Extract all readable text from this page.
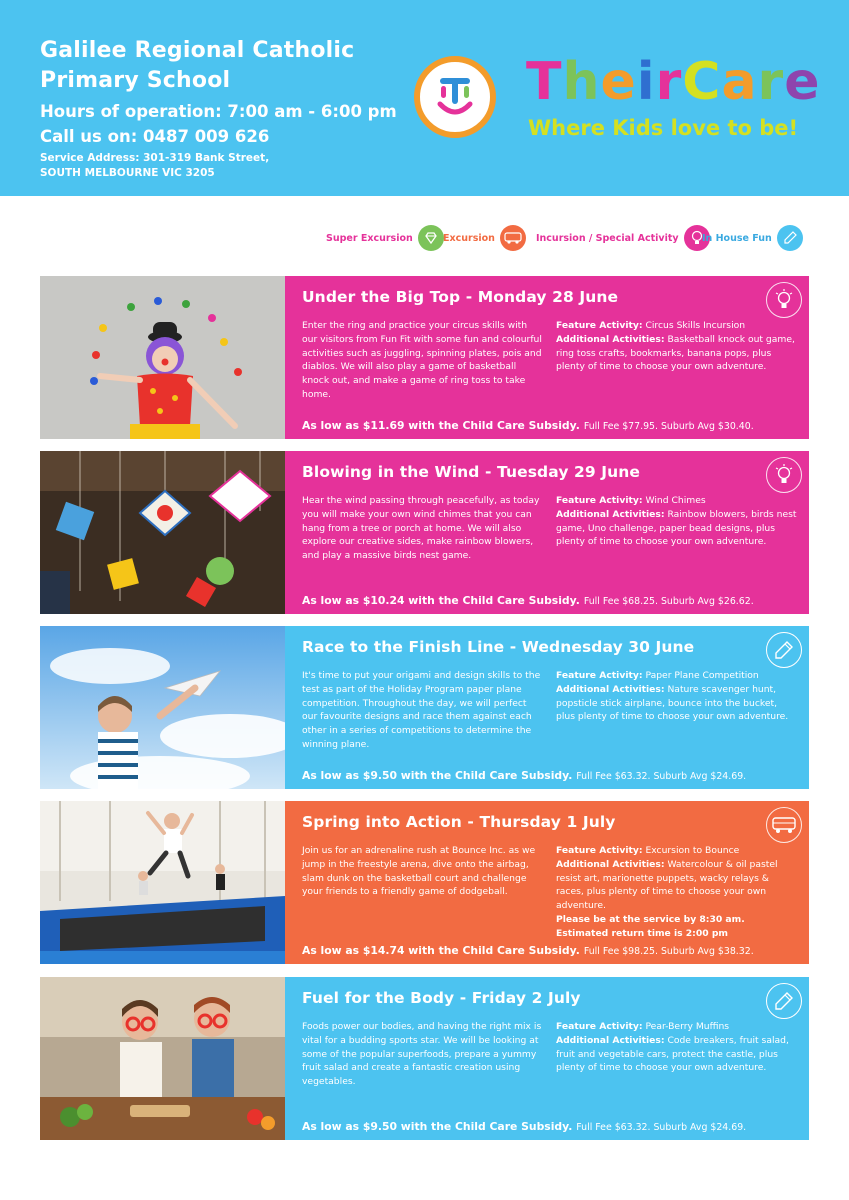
Galilee Regional Catholic
Primary School
Hours of operation: 7:00 am - 6:00 pm
Call us on: 0487 009 626
Service Address: 301-319 Bank Street,
SOUTH MELBOURNE VIC 3205
TheirCare
Where Kids love to be!
Super Excursion	Excursion	Incursion / Special Activity In House Fun
Under the Big Top - Monday 28 June
Enter the ring and practice your circus skills with our visitors from Fun Fit with some fun and colourful activities such as juggling, spinning plates, pois and diablos. We will also play a game of basketball knock out, and make a game of ring toss to take home.
Feature Activity: Circus Skills Incursion
Additional Activities: Basketball knock out game, ring toss crafts, bookmarks, banana pops, plus plenty of time to choose your own adventure.
As low as $11.69 with the Child Care Subsidy. Full Fee $77.95. Suburb Avg $30.40.
Blowing in the Wind - Tuesday 29 June
Hear the wind passing through peacefully, as today you will make your own wind chimes that you can hang from a tree or porch at home. We will also explore our creative sides, make rainbow blowers, and play a massive birds nest game.
Feature Activity: Wind Chimes
Additional Activities: Rainbow blowers, birds nest game, Uno challenge, paper bead designs, plus plenty of time to choose your own adventure.
As low as $10.24 with the Child Care Subsidy. Full Fee $68.25. Suburb Avg $26.62.
Race to the Finish Line - Wednesday 30 June
It's time to put your origami and design skills to the test as part of the Holiday Program paper plane competition. Throughout the day, we will perfect our favourite designs and race them against each other in a series of competitions to determine the winning plane.
Feature Activity: Paper Plane Competition
Additional Activities: Nature scavenger hunt, popsticle stick airplane, bounce into the bucket, plus plenty of time to choose your own adventure.
As low as $9.50 with the Child Care Subsidy. Full Fee $63.32. Suburb Avg $24.69.
Spring into Action - Thursday 1 July
Join us for an adrenaline rush at Bounce Inc. as we jump in the freestyle arena, dive onto the airbag, slam dunk on the basketball court and challenge your friends to a friendly game of dodgeball.
Feature Activity: Excursion to Bounce
Additional Activities: Watercolour & oil pastel resist art, marionette puppets, wacky relays & races, plus plenty of time to choose your own adventure.
Please be at the service by 8:30 am. Estimated return time is 2:00 pm
As low as $14.74 with the Child Care Subsidy. Full Fee $98.25. Suburb Avg $38.32.
Fuel for the Body - Friday 2 July
Foods power our bodies, and having the right mix is vital for a budding sports star. We will be looking at some of the popular superfoods, prepare a yummy fruit salad and create a fantastic creation using vegetables.
Feature Activity: Pear-Berry Muffins
Additional Activities: Code breakers, fruit salad, fruit and vegetable cars, protect the castle, plus plenty of time to choose your own adventure.
As low as $9.50 with the Child Care Subsidy. Full Fee $63.32. Suburb Avg $24.69.
